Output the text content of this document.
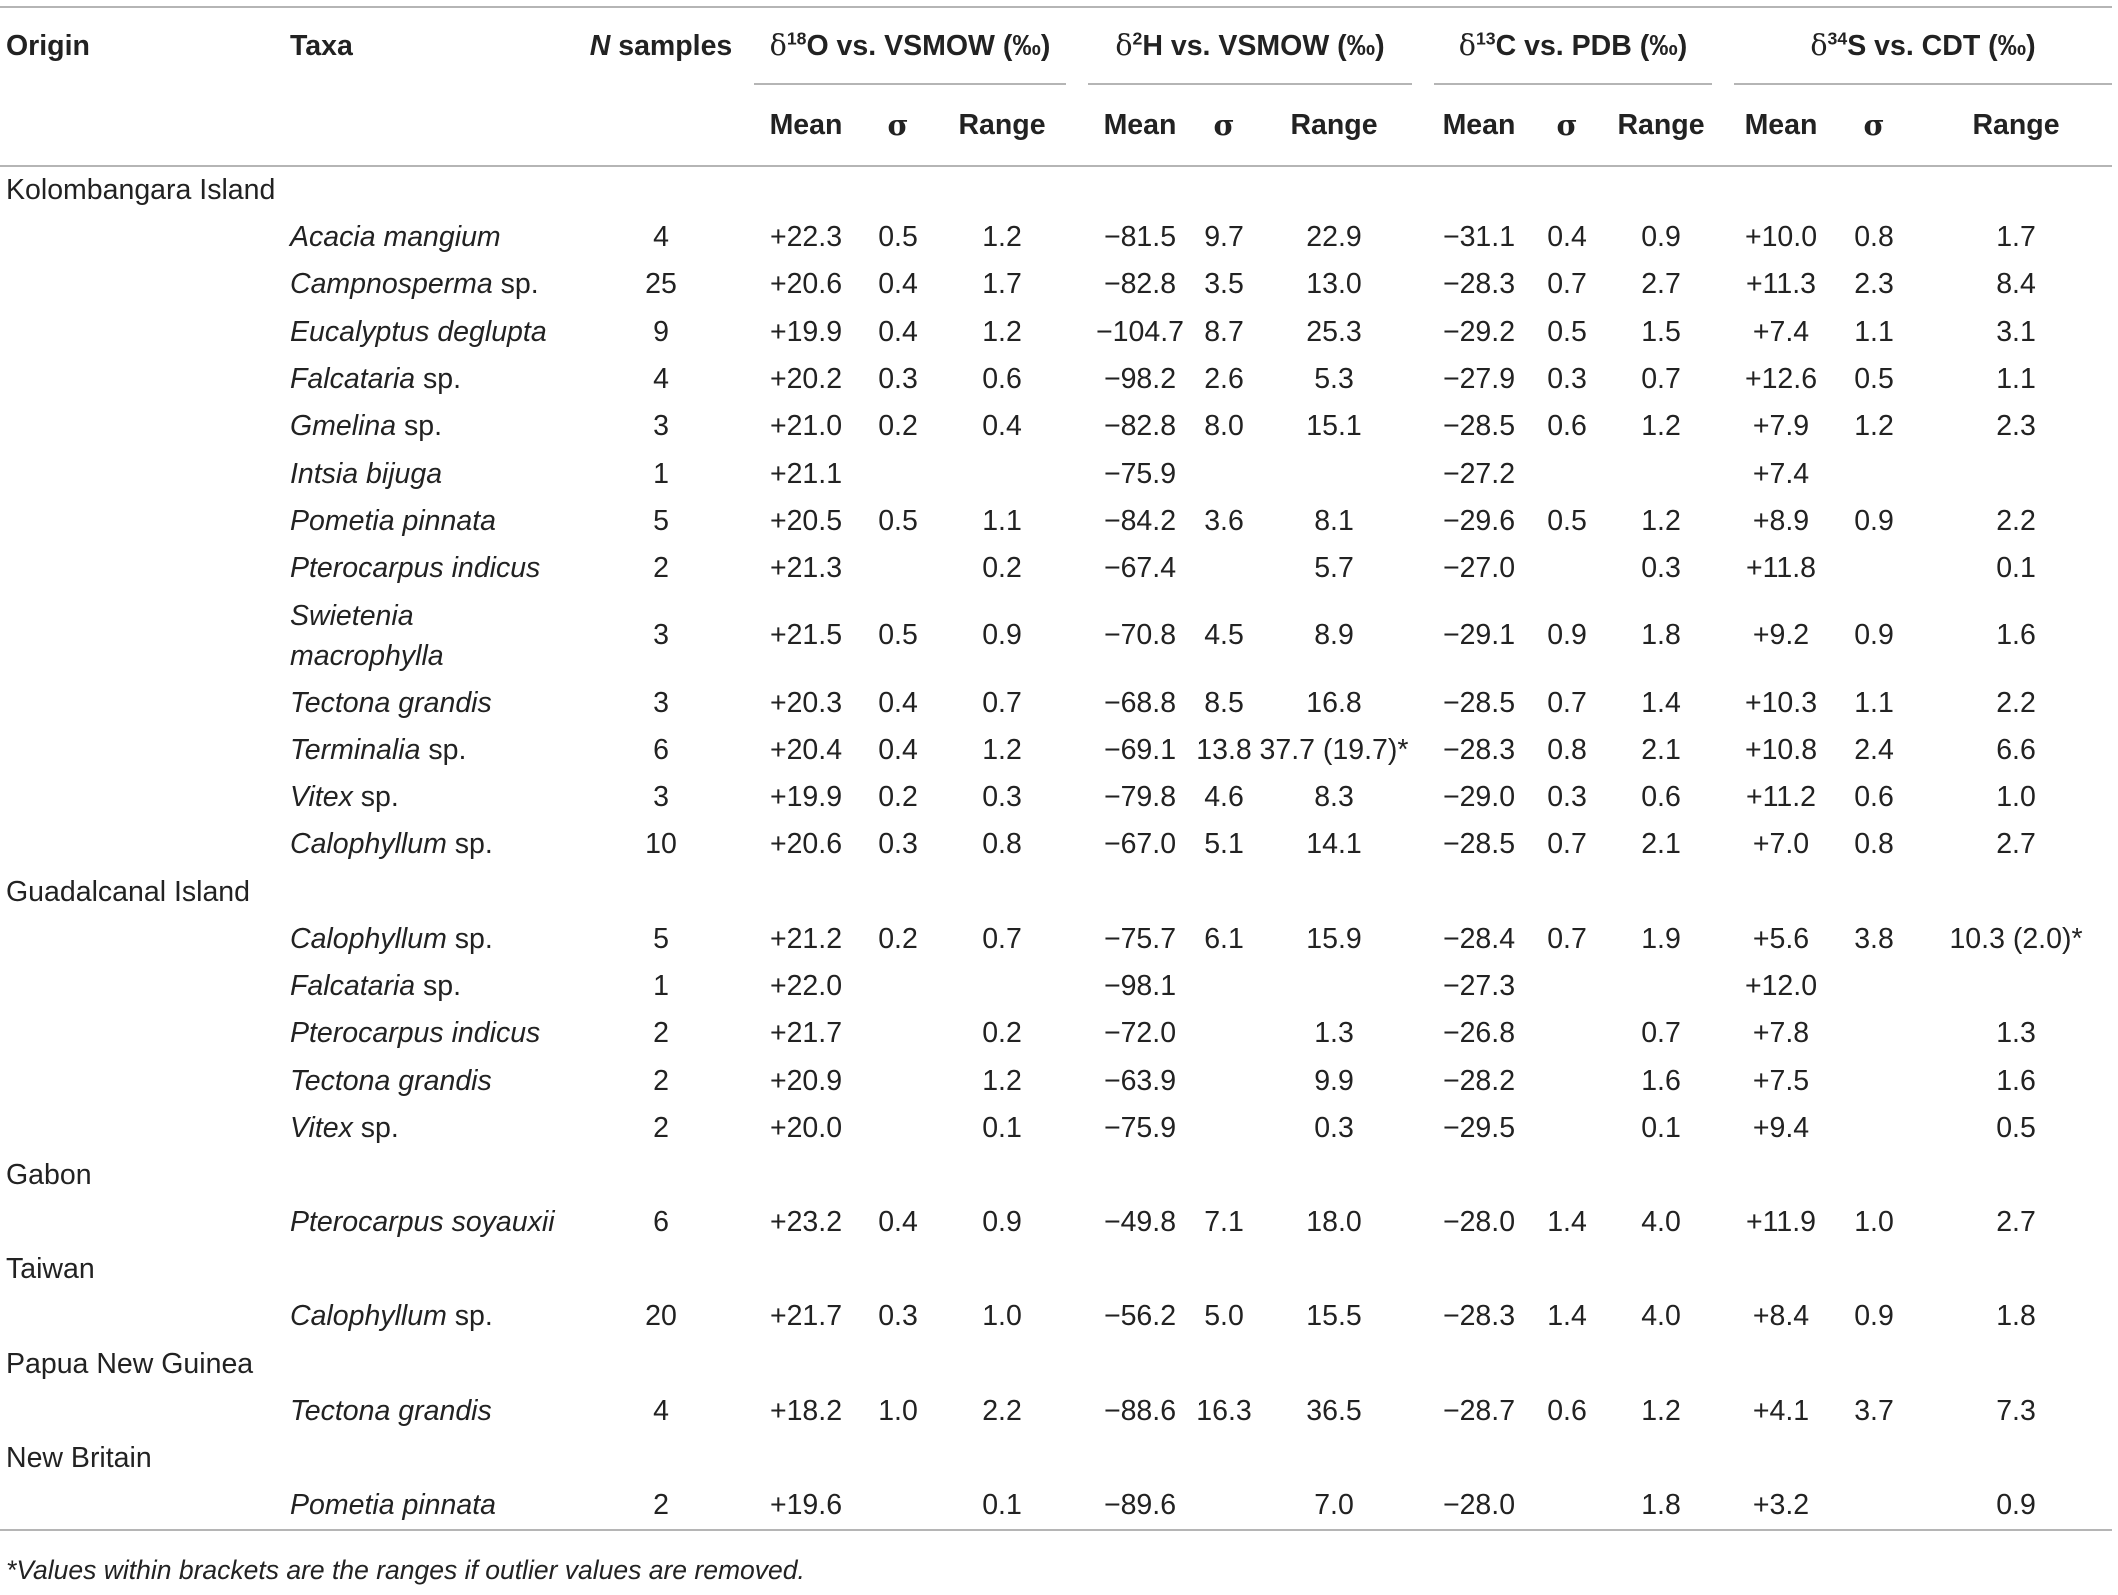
Origin	Taxa	N samples	$\delta^{18}O$ vs. VSMOW (‰)				$\delta^2H$ vs. VSMOW (‰)				$\delta^{13}C$ vs. PDB (‰)				$\delta^{34}S$ vs. CDT (‰)		
			Mean	σ	Range		Mean	σ	Range		Mean	σ	Range		Mean	σ	Range
Kolombangara Island																	
	Acacia mangium	4	+22.3	0.5	1.2		−81.5	9.7	22.9		−31.1	0.4	0.9		+10.0	0.8	1.7
	Campnosperma sp.	25	+20.6	0.4	1.7		−82.8	3.5	13.0		−28.3	0.7	2.7		+11.3	2.3	8.4
	Eucalyptus deglupta	9	+19.9	0.4	1.2		−104.7	8.7	25.3		−29.2	0.5	1.5		+7.4	1.1	3.1
	Falcataria sp.	4	+20.2	0.3	0.6		−98.2	2.6	5.3		−27.9	0.3	0.7		+12.6	0.5	1.1
	Gmelina sp.	3	+21.0	0.2	0.4		−82.8	8.0	15.1		−28.5	0.6	1.2		+7.9	1.2	2.3
	Intsia bijuga	1	+21.1				−75.9				−27.2				+7.4		
	Pometia pinnata	5	+20.5	0.5	1.1		−84.2	3.6	8.1		−29.6	0.5	1.2		+8.9	0.9	2.2
	Pterocarpus indicus	2	+21.3		0.2		−67.4		5.7		−27.0		0.3		+11.8		0.1
	Swietenia
macrophylla	3	+21.5	0.5	0.9		−70.8	4.5	8.9		−29.1	0.9	1.8		+9.2	0.9	1.6
	Tectona grandis	3	+20.3	0.4	0.7		−68.8	8.5	16.8		−28.5	0.7	1.4		+10.3	1.1	2.2
	Terminalia sp.	6	+20.4	0.4	1.2		−69.1	13.8	37.7 (19.7)*		−28.3	0.8	2.1		+10.8	2.4	6.6
	Vitex sp.	3	+19.9	0.2	0.3		−79.8	4.6	8.3		−29.0	0.3	0.6		+11.2	0.6	1.0
	Calophyllum sp.	10	+20.6	0.3	0.8		−67.0	5.1	14.1		−28.5	0.7	2.1		+7.0	0.8	2.7
Guadalcanal Island																	
	Calophyllum sp.	5	+21.2	0.2	0.7		−75.7	6.1	15.9		−28.4	0.7	1.9		+5.6	3.8	10.3 (2.0)*
	Falcataria sp.	1	+22.0				−98.1				−27.3				+12.0		
	Pterocarpus indicus	2	+21.7		0.2		−72.0		1.3		−26.8		0.7		+7.8		1.3
	Tectona grandis	2	+20.9		1.2		−63.9		9.9		−28.2		1.6		+7.5		1.6
	Vitex sp.	2	+20.0		0.1		−75.9		0.3		−29.5		0.1		+9.4		0.5
Gabon																	
	Pterocarpus soyauxii	6	+23.2	0.4	0.9		−49.8	7.1	18.0		−28.0	1.4	4.0		+11.9	1.0	2.7
Taiwan																	
	Calophyllum sp.	20	+21.7	0.3	1.0		−56.2	5.0	15.5		−28.3	1.4	4.0		+8.4	0.9	1.8
Papua New Guinea																	
	Tectona grandis	4	+18.2	1.0	2.2		−88.6	16.3	36.5		−28.7	0.6	1.2		+4.1	3.7	7.3
New Britain																	
	Pometia pinnata	2	+19.6		0.1		−89.6		7.0		−28.0		1.8		+3.2		0.9

*Values within brackets are the ranges if outlier values are removed.
